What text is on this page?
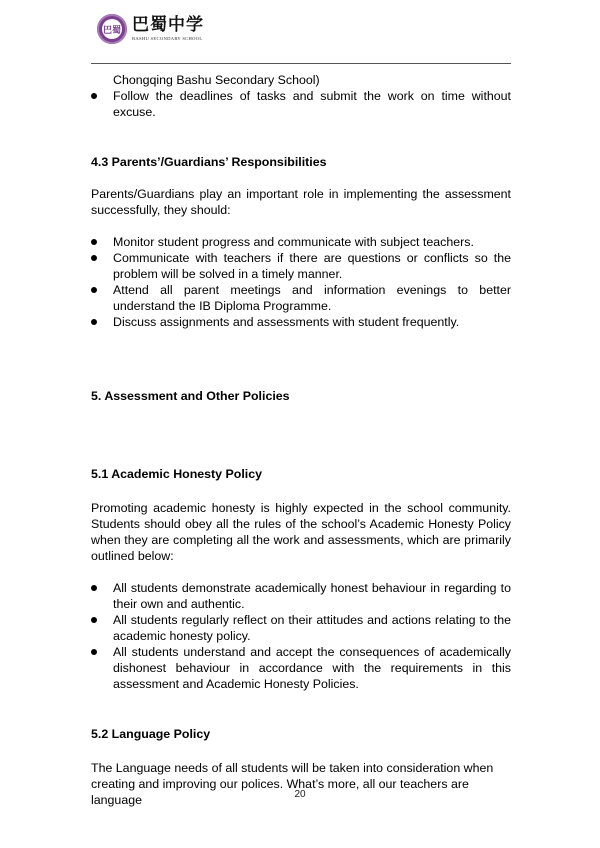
巴蜀 巴蜀中学
BASHU SECONDARY SCHOOL
Chongqing Bashu Secondary School)
Follow the deadlines of tasks and submit the work on time without excuse.
4.3 Parents’/Guardians’ Responsibilities

Parents/Guardians play an important role in implementing the assessment successfully, they should:

Monitor student progress and communicate with subject teachers.
Communicate with teachers if there are questions or conflicts so the problem will be solved in a timely manner.
Attend all parent meetings and information evenings to better understand the IB Diploma Programme.
Discuss assignments and assessments with student frequently.
5. Assessment and Other Policies
5.1 Academic Honesty Policy

Promoting academic honesty is highly expected in the school community. Students should obey all the rules of the school’s Academic Honesty Policy when they are completing all the work and assessments, which are primarily outlined below:

All students demonstrate academically honest behaviour in regarding to their own and authentic.
All students regularly reflect on their attitudes and actions relating to the academic honesty policy.
All students understand and accept the consequences of academically dishonest behaviour in accordance with the requirements in this assessment and Academic Honesty Policies.
5.2 Language Policy

The Language needs of all students will be taken into consideration when

creating and improving our polices. What’s more, all our teachers are language	20
